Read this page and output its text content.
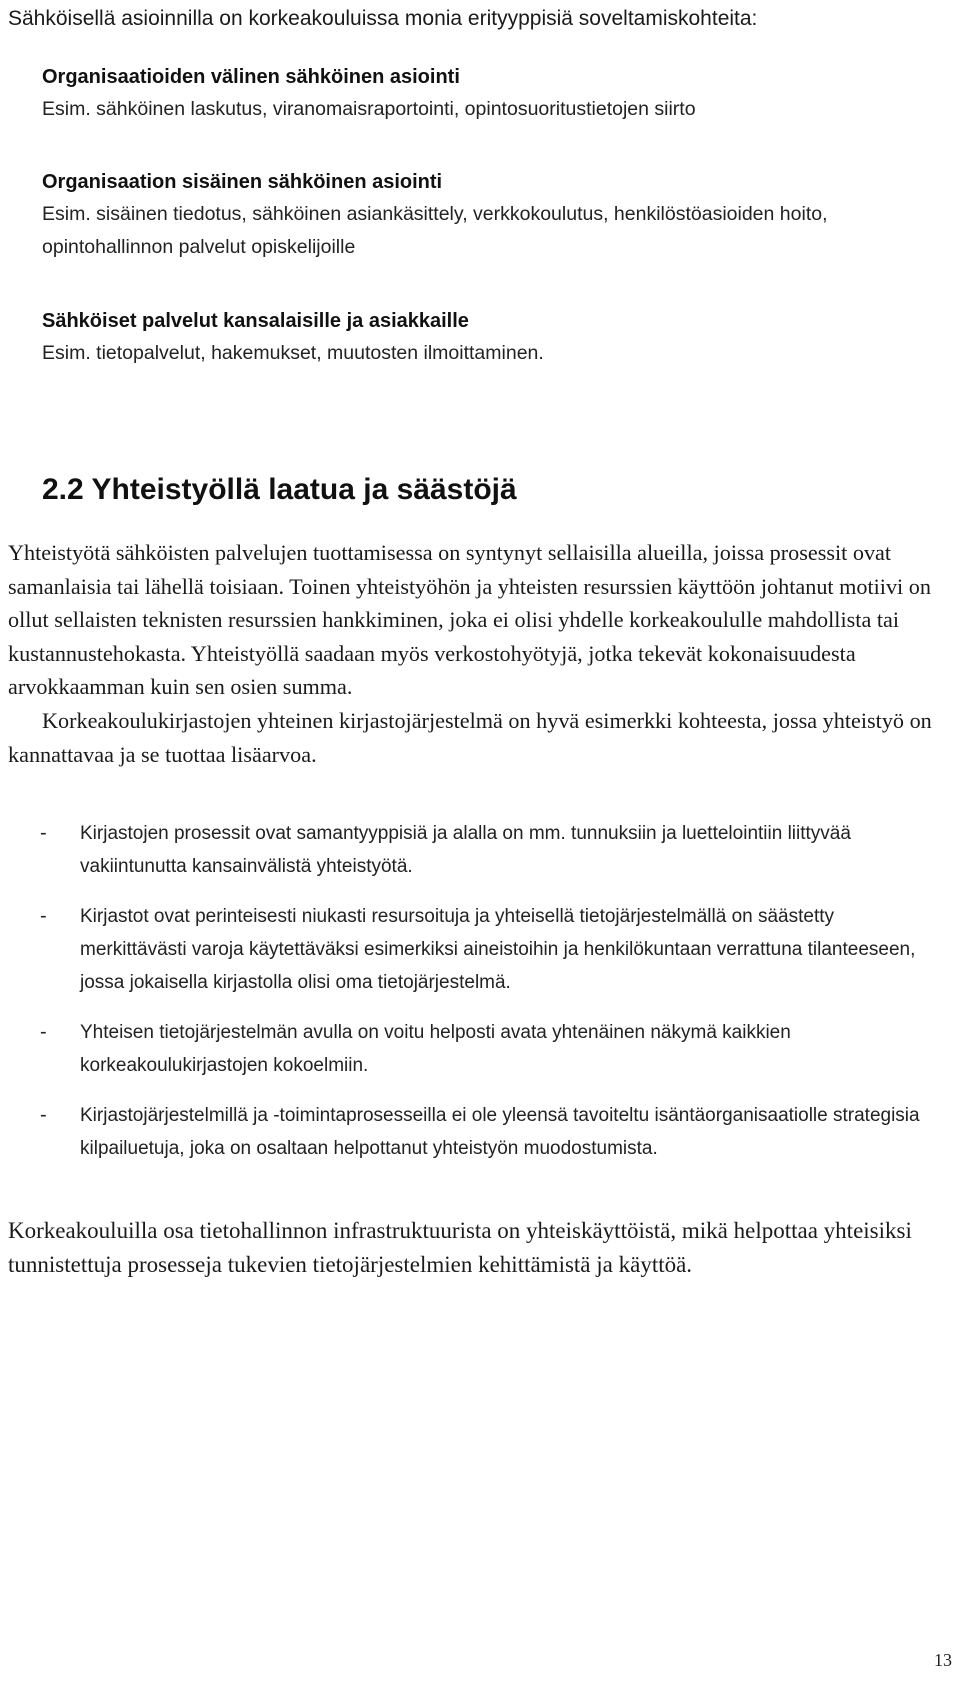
Sähköisellä asioinnilla on korkeakouluissa monia erityyppisiä soveltamiskohteita:

Organisaatioiden välinen sähköinen asiointi

Esim. sähköinen laskutus, viranomaisraportointi, opintosuoritustietojen siirto

Organisaation sisäinen sähköinen asiointi

Esim. sisäinen tiedotus, sähköinen asiankäsittely, verkkokoulutus, henkilöstöasioiden hoito, opintohallinnon palvelut opiskelijoille

Sähköiset palvelut kansalaisille ja asiakkaille

Esim. tietopalvelut, hakemukset, muutosten ilmoittaminen.

2.2 Yhteistyöllä laatua ja säästöjä

Yhteistyötä sähköisten palvelujen tuottamisessa on syntynyt sellaisilla alueilla, joissa prosessit ovat samanlaisia tai lähellä toisiaan. Toinen yhteistyöhön ja yhteisten resurssien käyttöön johtanut motiivi on ollut sellaisten teknisten resurssien hankkiminen, joka ei olisi yhdelle korkeakoululle mahdollista tai kustannustehokasta. Yhteistyöllä saadaan myös verkostohyötyjä, jotka tekevät kokonaisuudesta arvokkaamman kuin sen osien summa.

Korkeakoulukirjastojen yhteinen kirjastojärjestelmä on hyvä esimerkki kohteesta, jossa yhteistyö on kannattavaa ja se tuottaa lisäarvoa.

- Kirjastojen prosessit ovat samantyyppisiä ja alalla on mm. tunnuksiin ja luettelointiin liittyvää vakiintunutta kansainvälistä yhteistyötä.
- Kirjastot ovat perinteisesti niukasti resursoituja ja yhteisellä tietojärjestelmällä on säästetty merkittävästi varoja käytettäväksi esimerkiksi aineistoihin ja henkilökuntaan verrattuna tilanteeseen, jossa jokaisella kirjastolla olisi oma tietojärjestelmä.
- Yhteisen tietojärjestelmän avulla on voitu helposti avata yhtenäinen näkymä kaikkien korkeakoulukirjastojen kokoelmiin.
- Kirjastojärjestelmillä ja -toimintaprosesseilla ei ole yleensä tavoiteltu isäntäorganisaatiolle strategisia kilpailuetuja, joka on osaltaan helpottanut yhteistyön muodostumista.

Korkeakouluilla osa tietohallinnon infrastruktuurista on yhteiskäyttöistä, mikä helpottaa yhteisiksi tunnistettuja prosesseja tukevien tietojärjestelmien kehittämistä ja käyttöä.

13
